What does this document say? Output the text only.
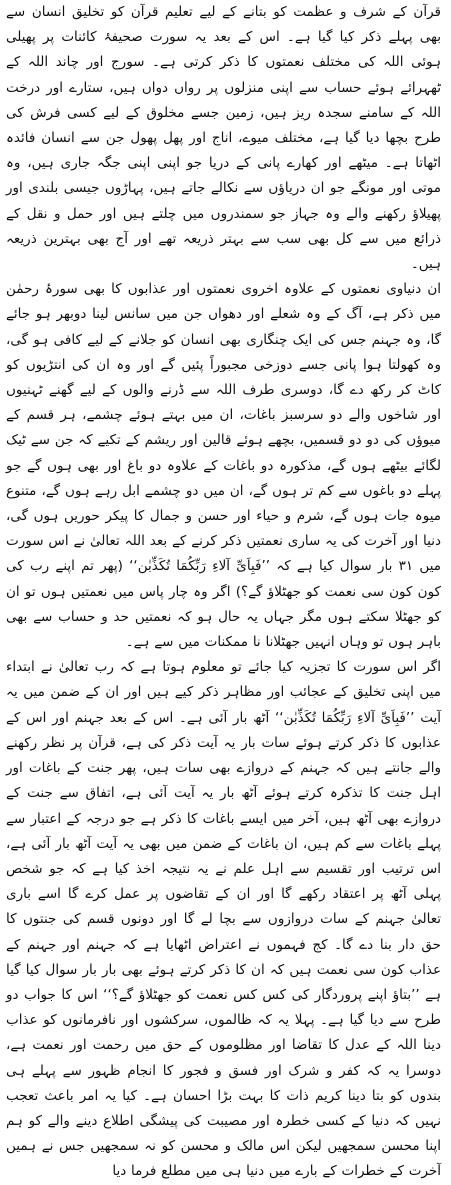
قرآن کے شرف و عظمت کو بتانے کے لیے تعلیم قرآن کو تخلیق انسان سے بھی پہلے ذکر کیا گیا ہے۔ اس کے بعد یہ سورت صحیفۂ کائنات پر پھیلی ہوئی اللہ کی مختلف نعمتوں کا ذکر کرتی ہے۔ سورج اور چاند اللہ کے ٹھہرائے ہوئے حساب سے اپنی منزلوں پر رواں دواں ہیں، ستارے اور درخت اللہ کے سامنے سجدہ ریز ہیں، زمین جسے مخلوق کے لیے کسی فرش کی طرح بچھا دیا گیا ہے، مختلف میوے، اناج اور پھل پھول جن سے انسان فائدہ اٹھاتا ہے۔ میٹھے اور کھارے پانی کے دریا جو اپنی اپنی جگہ جاری ہیں، وہ موتی اور مونگے جو ان دریاؤں سے نکالے جاتے ہیں، پہاڑوں جیسی بلندی اور پھیلاؤ رکھنے والے وہ جہاز جو سمندروں میں چلتے ہیں اور حمل و نقل کے ذرائع میں سے کل بھی سب سے بہتر ذریعہ تھے اور آج بھی بہترین ذریعہ ہیں۔

ان دنیاوی نعمتوں کے علاوہ اخروی نعمتوں اور عذابوں کا بھی سورۂ رحمٰن میں ذکر ہے، آگ کے وہ شعلے اور دھواں جن میں سانس لینا دوبھر ہو جائے گا، وہ جہنم جس کی ایک چنگاری بھی انسان کو جلانے کے لیے کافی ہو گی، وہ کھولتا ہوا پانی جسے دوزخی مجبوراً پئیں گے اور وہ ان کی انتڑیوں کو کاٹ کر رکھ دے گا، دوسری طرف اللہ سے ڈرنے والوں کے لیے گھنے ٹہنیوں اور شاخوں والے دو سرسبز باغات، ان میں بہتے ہوئے چشمے، ہر قسم کے میوؤں کی دو دو قسمیں، بچھے ہوئے قالین اور ریشم کے تکیے کہ جن سے ٹیک لگائے بیٹھے ہوں گے، مذکورہ دو باغات کے علاوہ دو باغ اور بھی ہوں گے جو پہلے دو باغوں سے کم تر ہوں گے، ان میں دو چشمے ابل رہے ہوں گے، متنوع میوہ جات ہوں گے، شرم و حیاء اور حسن و جمال کا پیکر حوریں ہوں گی، دنیا اور آخرت کی یہ ساری نعمتیں ذکر کرنے کے بعد اللہ تعالیٰ نے اس سورت میں ۳۱ بار سوال کیا ہے کہ ’’فَبِاَیِّ آلاءِ رَبِّکُمَا تُکَذِّبٰن‘‘ (پھر تم اپنے رب کی کون کون سی نعمت کو جھٹلاؤ گے؟) اگر وہ چار پاس میں نعمتیں ہوں تو ان کو جھٹلا سکتے ہوں مگر جہاں یہ حال ہو کہ نعمتیں حد و حساب سے بھی باہر ہوں تو وہاں انہیں جھٹلانا نا ممکنات میں سے ہے۔

اگر اس سورت کا تجزیہ کیا جائے تو معلوم ہوتا ہے کہ رب تعالیٰ نے ابتداء میں اپنی تخلیق کے عجائب اور مظاہر ذکر کیے ہیں اور ان کے ضمن میں یہ آیت ’’فَبِاَیِّ آلاءِ رَبِّکُمَا تُکَذِّبٰن‘‘ آٹھ بار آئی ہے۔ اس کے بعد جہنم اور اس کے عذابوں کا ذکر کرتے ہوئے سات بار یہ آیت ذکر کی ہے، قرآن پر نظر رکھنے والے جانتے ہیں کہ جہنم کے دروازے بھی سات ہیں، پھر جنت کے باغات اور اہل جنت کا تذکرہ کرتے ہوئے آٹھ بار یہ آیت آئی ہے، اتفاق سے جنت کے دروازے بھی آٹھ ہیں، آخر میں ایسے باغات کا ذکر ہے جو درجہ کے اعتبار سے پہلے باغات سے کم ہیں، ان باغات کے ضمن میں بھی یہ آیت آٹھ بار آئی ہے، اس ترتیب اور تقسیم سے اہل علم نے یہ نتیجہ اخذ کیا ہے کہ جو شخص پہلی آٹھ پر اعتقاد رکھے گا اور ان کے تقاضوں پر عمل کرے گا اسے باری تعالیٰ جہنم کے سات دروازوں سے بچا لے گا اور دونوں قسم کی جنتوں کا حق دار بنا دے گا۔ کج فہموں نے اعتراض اٹھایا ہے کہ جہنم اور جہنم کے عذاب کون سی نعمت ہیں کہ ان کا ذکر کرتے ہوئے بھی بار بار سوال کیا گیا ہے ’’بتاؤ اپنے پروردگار کی کس کس نعمت کو جھٹلاؤ گے؟‘‘ اس کا جواب دو طرح سے دیا گیا ہے۔ پہلا یہ کہ ظالموں، سرکشوں اور نافرمانوں کو عذاب دینا اللہ کے عدل کا تقاضا اور مظلوموں کے حق میں رحمت اور نعمت ہے، دوسرا یہ کہ کفر و شرک اور فسق و فجور کا انجام ظہور سے پہلے ہی بندوں کو بتا دینا کریم ذات کا بہت بڑا احسان ہے۔ کیا یہ امر باعث تعجب نہیں کہ دنیا کے کسی خطرہ اور مصیبت کی پیشگی اطلاع دینے والے کو ہم اپنا محسن سمجھیں لیکن اس مالک و محسن کو نہ سمجھیں جس نے ہمیں آخرت کے خطرات کے بارے میں دنیا ہی میں مطلع فرما دیا
